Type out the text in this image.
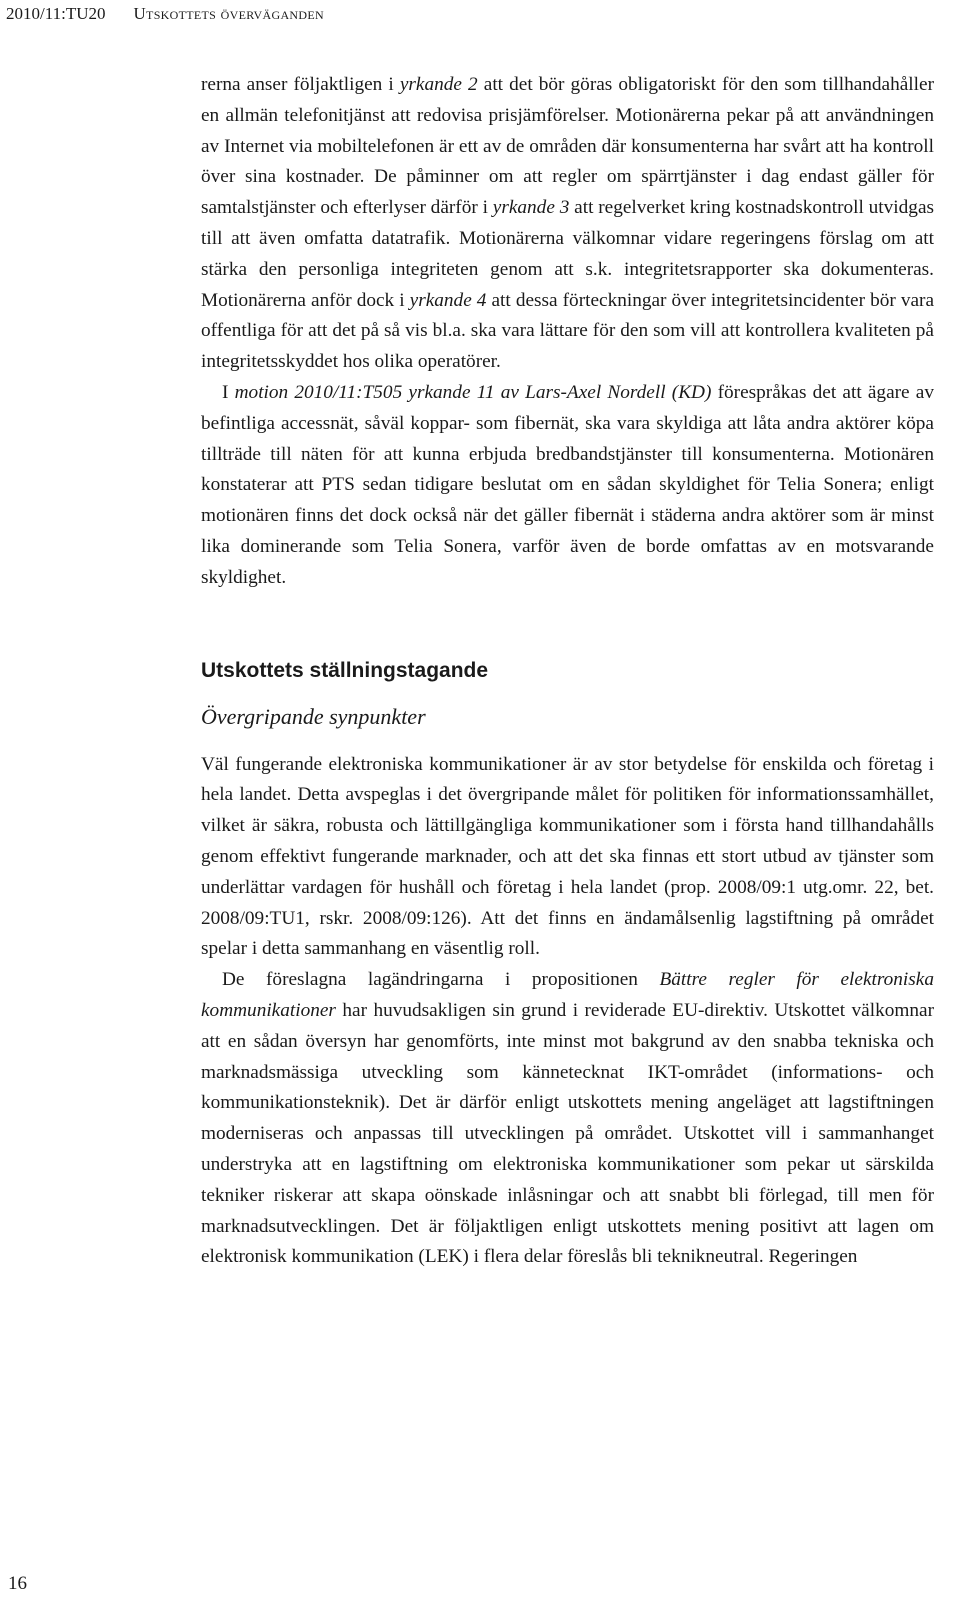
2010/11:TU20 Utskottets överväganden

rerna anser följaktligen i yrkande 2 att det bör göras obligatoriskt för den som tillhandahåller en allmän telefonitjänst att redovisa prisjämförelser. Motionärerna pekar på att användningen av Internet via mobiltelefonen är ett av de områden där konsumenterna har svårt att ha kontroll över sina kostnader. De påminner om att regler om spärrtjänster i dag endast gäller för samtalstjänster och efterlyser därför i yrkande 3 att regelverket kring kostnadskontroll utvidgas till att även omfatta datatrafik. Motionärerna välkomnar vidare regeringens förslag om att stärka den personliga integriteten genom att s.k. integritetsrapporter ska dokumenteras. Motionärerna anför dock i yrkande 4 att dessa förteckningar över integritetsincidenter bör vara offentliga för att det på så vis bl.a. ska vara lättare för den som vill att kontrollera kvaliteten på integritetsskyddet hos olika operatörer.

I motion 2010/11:T505 yrkande 11 av Lars-Axel Nordell (KD) förespråkas det att ägare av befintliga accessnät, såväl koppar- som fibernät, ska vara skyldiga att låta andra aktörer köpa tillträde till näten för att kunna erbjuda bredbandstjänster till konsumenterna. Motionären konstaterar att PTS sedan tidigare beslutat om en sådan skyldighet för Telia Sonera; enligt motionären finns det dock också när det gäller fibernät i städerna andra aktörer som är minst lika dominerande som Telia Sonera, varför även de borde omfattas av en motsvarande skyldighet.

Utskottets ställningstagande
Övergripande synpunkter

Väl fungerande elektroniska kommunikationer är av stor betydelse för enskilda och företag i hela landet. Detta avspeglas i det övergripande målet för politiken för informationssamhället, vilket är säkra, robusta och lättillgängliga kommunikationer som i första hand tillhandahålls genom effektivt fungerande marknader, och att det ska finnas ett stort utbud av tjänster som underlättar vardagen för hushåll och företag i hela landet (prop. 2008/09:1 utg.omr. 22, bet. 2008/09:TU1, rskr. 2008/09:126). Att det finns en ändamålsenlig lagstiftning på området spelar i detta sammanhang en väsentlig roll.

De föreslagna lagändringarna i propositionen Bättre regler för elektroniska kommunikationer har huvudsakligen sin grund i reviderade EU-direktiv. Utskottet välkomnar att en sådan översyn har genomförts, inte minst mot bakgrund av den snabba tekniska och marknadsmässiga utveckling som kännetecknat IKT-området (informations- och kommunikationsteknik). Det är därför enligt utskottets mening angeläget att lagstiftningen moderniseras och anpassas till utvecklingen på området. Utskottet vill i sammanhanget understryka att en lagstiftning om elektroniska kommunikationer som pekar ut särskilda tekniker riskerar att skapa oönskade inlåsningar och att snabbt bli förlegad, till men för marknadsutvecklingen. Det är följaktligen enligt utskottets mening positivt att lagen om elektronisk kommunikation (LEK) i flera delar föreslås bli teknikneutral. Regeringen

16
